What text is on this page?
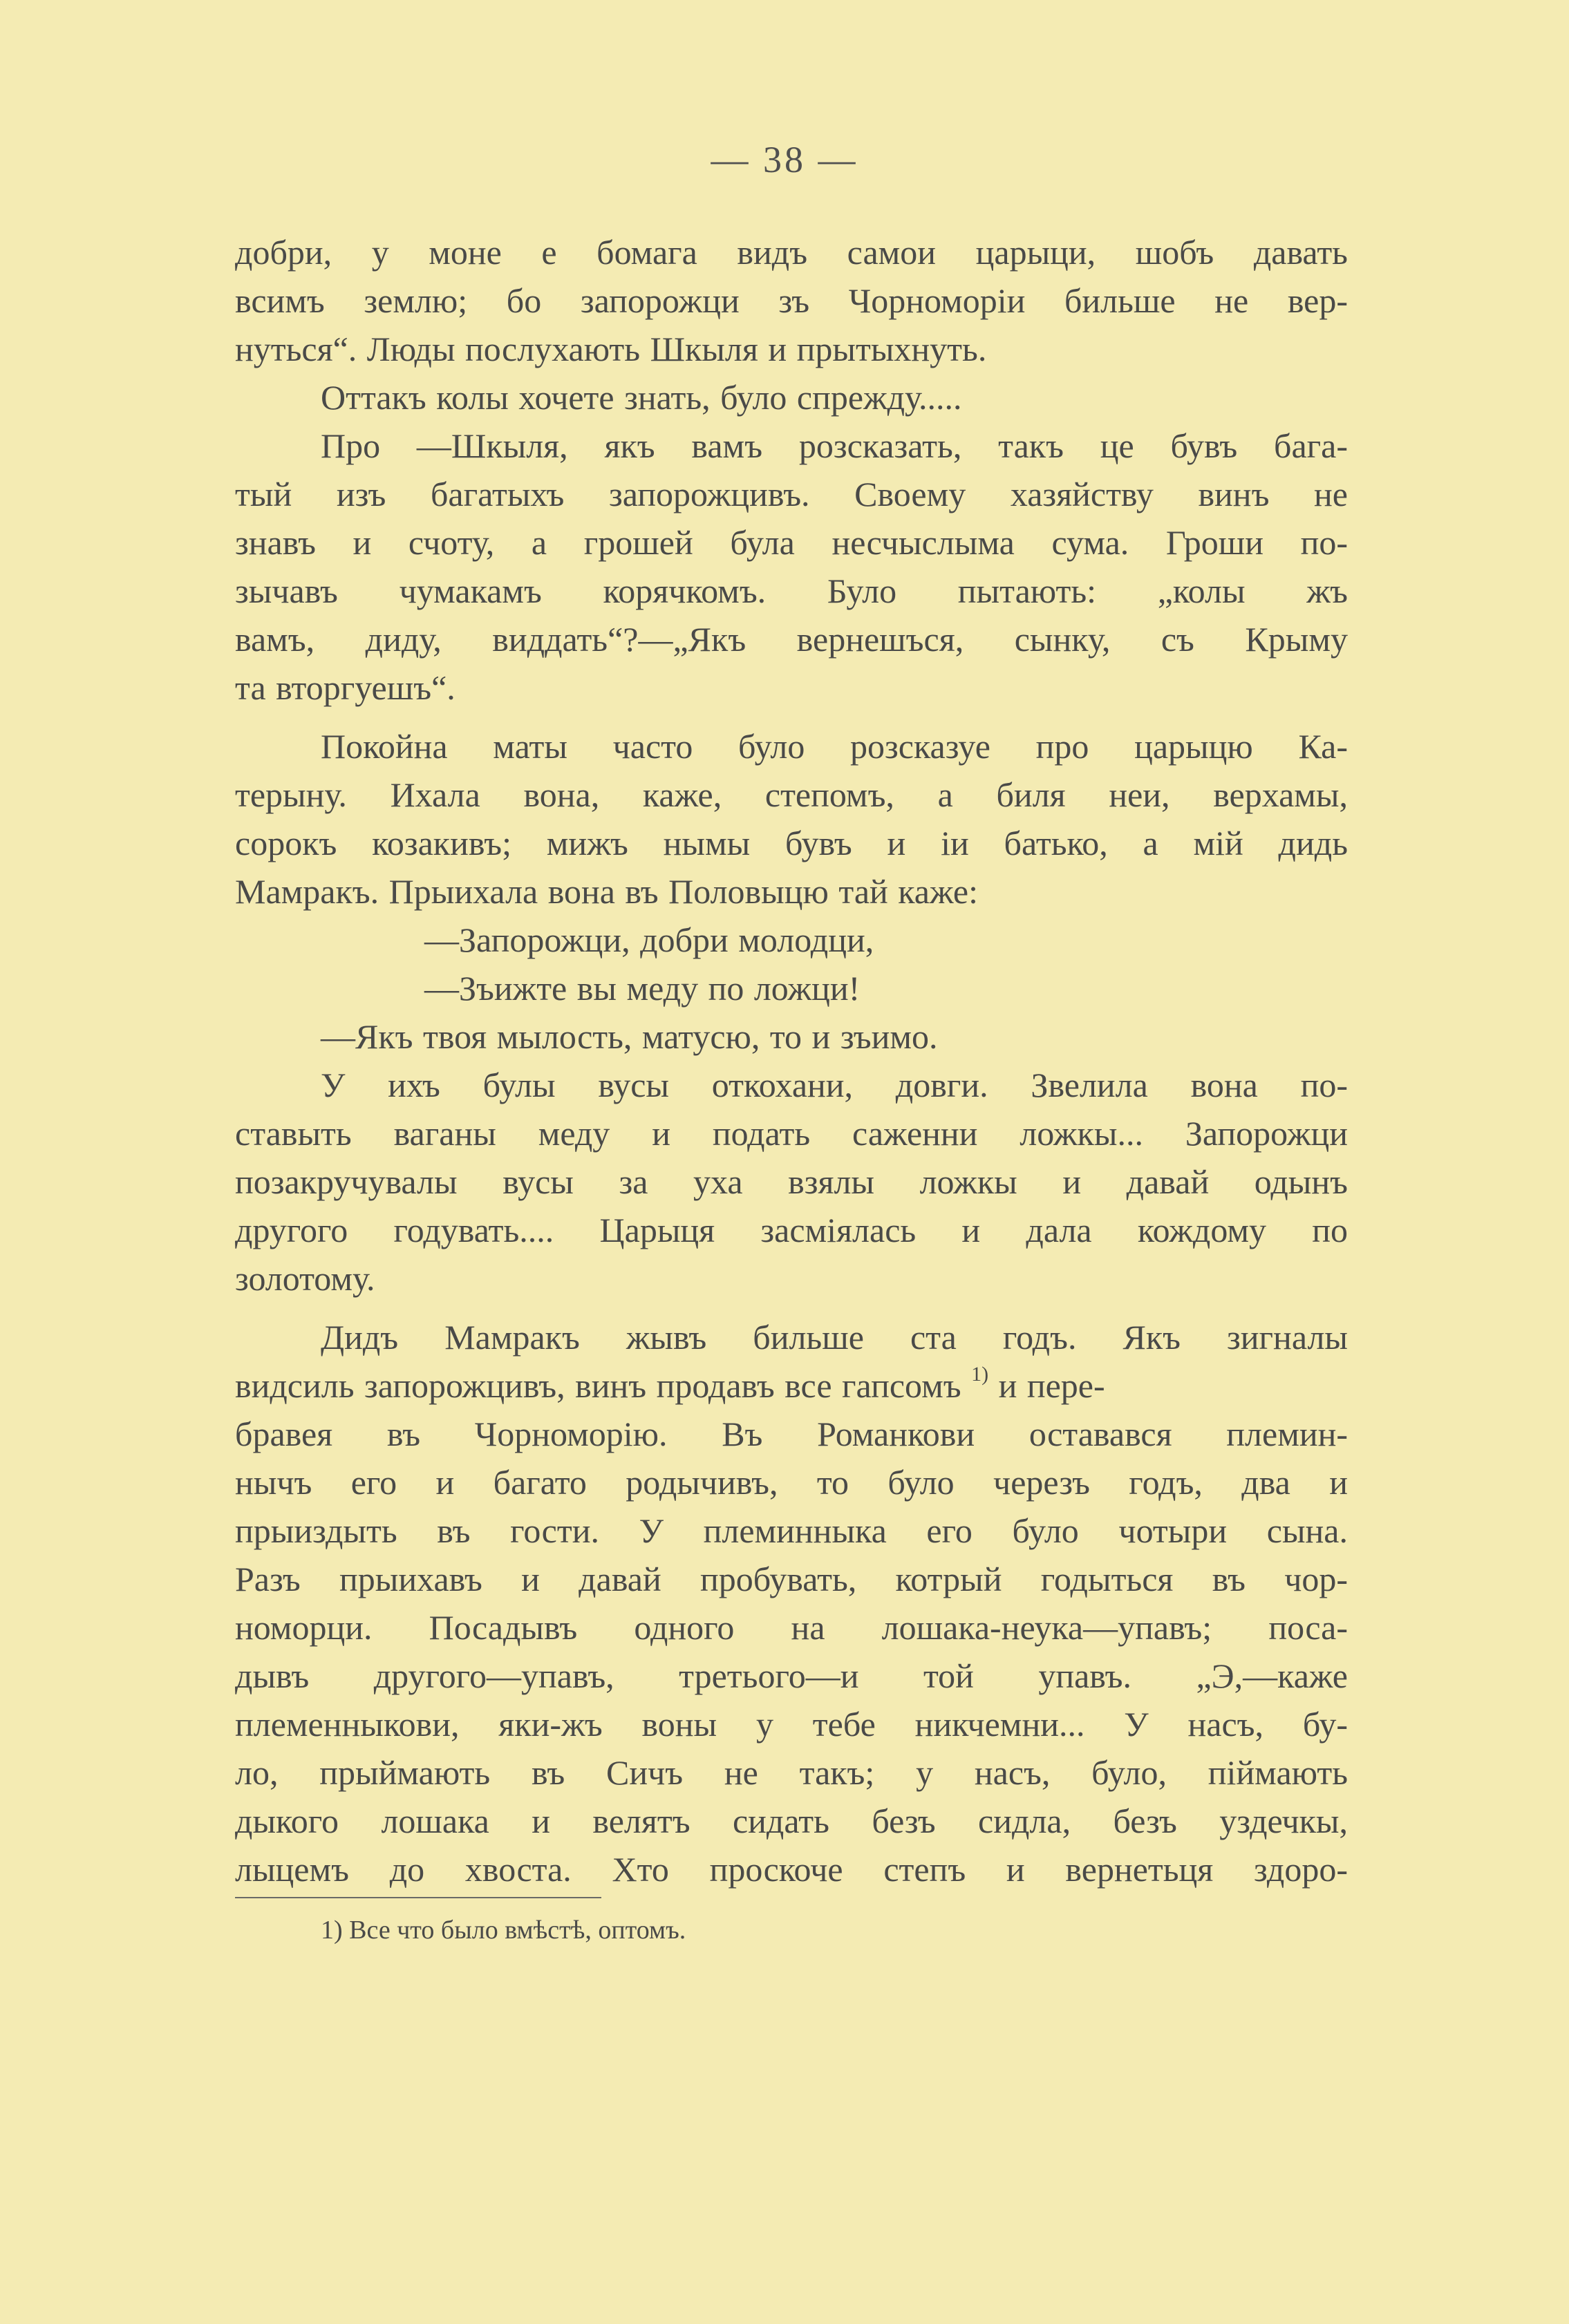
— 38 —
добри, у моне е бомага видъ самои царыци, шобъ давать
всимъ землю; бо запорожци зъ Чорноморіи бильше не вер-
нуться“. Люды послухають Шкыля и прытыхнуть.
Оттакъ колы хочете знать, було спрежду.....
Про —Шкыля, якъ вамъ розсказать, такъ це бувъ бага-
тый изъ багатыхъ запорожцивъ. Своему хазяйству винъ не
знавъ и счоту, а грошей була несчыслыма сума. Гроши по-
зычавъ чумакамъ корячкомъ. Було пытають: „колы жъ
вамъ, диду, виддать“?—„Якъ вернешъся, сынку, съ Крыму
та вторгуешъ“.
Покойна маты часто було розсказуе про царыцю Ка-
терыну. Ихала вона, каже, степомъ, а биля неи, верхамы,
сорокъ козакивъ; мижъ нымы бувъ и іи батько, а мій дидь
Мамракъ. Прыихала вона въ Половыцю тай каже:
—Запорожци, добри молодци,
—Зъижте вы меду по ложци!
—Якъ твоя мылость, матусю, то и зъимо.
У ихъ булы вусы откохани, довги. Звелила вона по-
ставыть ваганы меду и подать саженни ложкы... Запорожци
позакручувалы вусы за уха взялы ложкы и давай одынъ
другого годувать.... Царыця засміялась и дала кождому по
золотому.
Дидъ Мамракъ жывъ бильше ста годъ. Якъ зигналы
видсиль запорожцивъ, винъ продавъ все гапсомъ $^{1)}$ и пере-
бравея въ Чорноморію. Въ Романкови оставався племин-
нычъ его и багато родычивъ, то було черезъ годъ, два и
прыиздыть въ гости. У племинныка его було чотыри сына.
Разъ прыихавъ и давай пробувать, котрый годыться въ чор-
номорци. Посадывъ одного на лошака-неука—упавъ; поса-
дывъ другого—упавъ, третього—и той упавъ. „Э,—каже
племенныкови, яки-жъ воны у тебе никчемни... У насъ, бу-
ло, прыймають въ Сичъ не такъ; у насъ, було, піймають
дыкого лошака и велятъ сидать безъ сидла, безъ уздечкы,
лыцемъ до хвоста. Хто проскоче степъ и вернетьця здоро-
1) Все что было вмѣстѣ, оптомъ.
